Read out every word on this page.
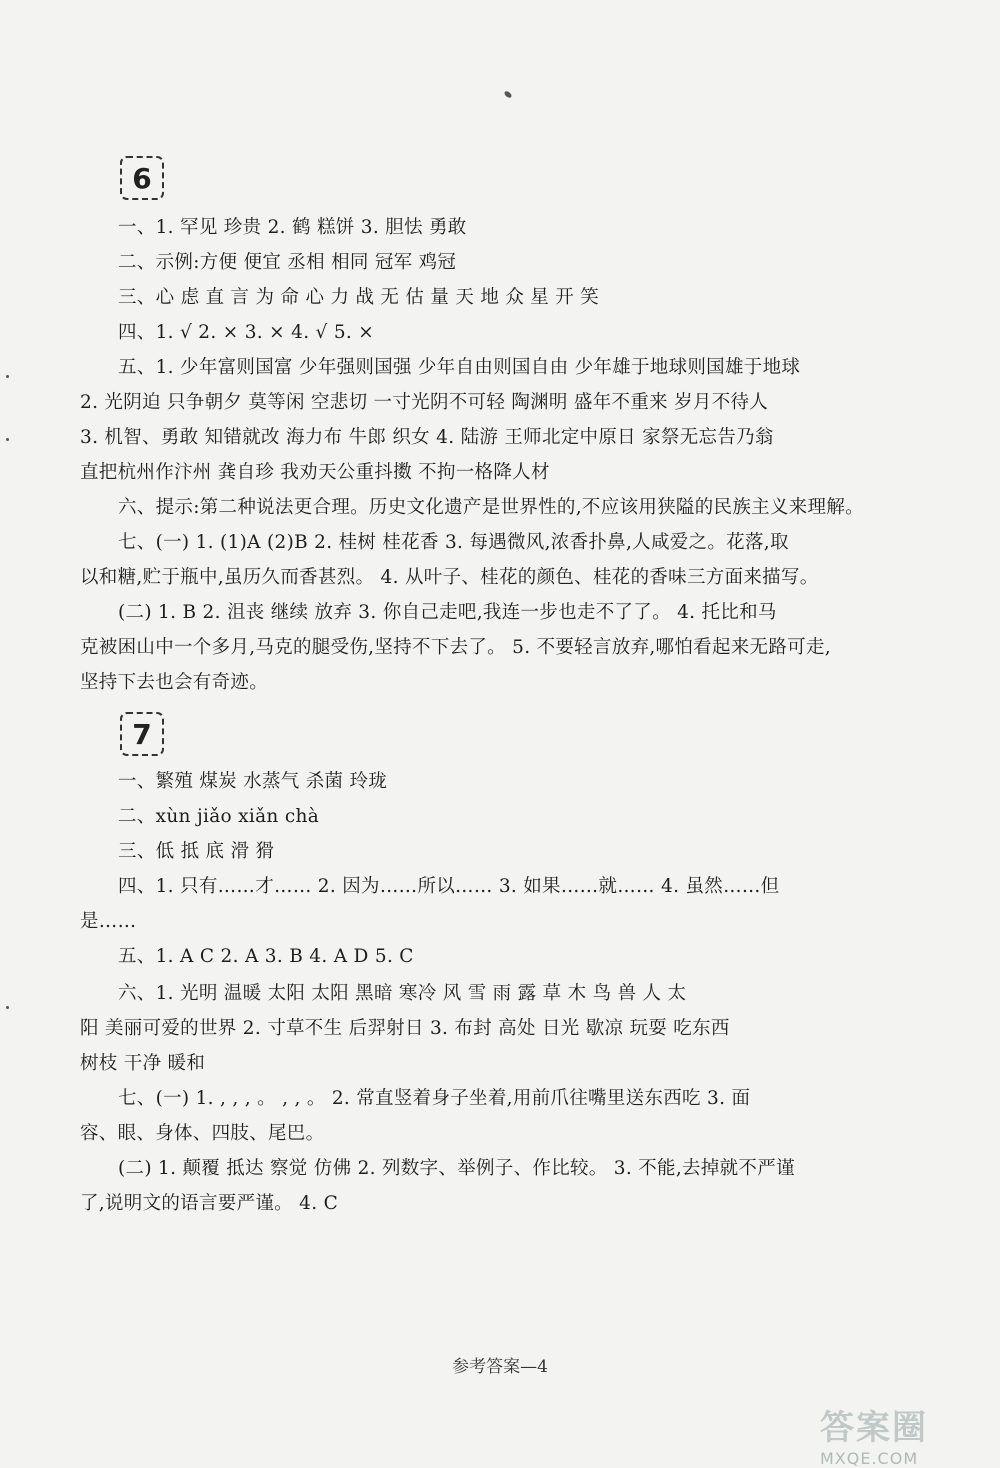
6
一、1. 罕见 珍贵 2. 鹤 糕饼 3. 胆怯 勇敢
二、示例:方便 便宜 丞相 相同 冠军 鸡冠
三、心 虑 直 言 为 命 心 力 战 无 估 量 天 地 众 星 开 笑
四、1. √ 2. × 3. × 4. √ 5. ×
五、1. 少年富则国富 少年强则国强 少年自由则国自由 少年雄于地球则国雄于地球
2. 光阴迫 只争朝夕 莫等闲 空悲切 一寸光阴不可轻 陶渊明 盛年不重来 岁月不待人
3. 机智、勇敢 知错就改 海力布 牛郎 织女 4. 陆游 王师北定中原日 家祭无忘告乃翁
直把杭州作汴州 龚自珍 我劝天公重抖擞 不拘一格降人材
六、提示:第二种说法更合理。历史文化遗产是世界性的,不应该用狭隘的民族主义来理解。
七、(一) 1. (1)A (2)B 2. 桂树 桂花香 3. 每遇微风,浓香扑鼻,人咸爱之。花落,取
以和糖,贮于瓶中,虽历久而香甚烈。 4. 从叶子、桂花的颜色、桂花的香味三方面来描写。
(二) 1. B 2. 沮丧 继续 放弃 3. 你自己走吧,我连一步也走不了了。 4. 托比和马
克被困山中一个多月,马克的腿受伤,坚持不下去了。 5. 不要轻言放弃,哪怕看起来无路可走,
坚持下去也会有奇迹。
7
一、繁殖 煤炭 水蒸气 杀菌 玲珑
二、xùn jiǎo xiǎn chà
三、低 抵 底 滑 猾
四、1. 只有……才…… 2. 因为……所以…… 3. 如果……就…… 4. 虽然……但
是……
五、1. A C 2. A 3. B 4. A D 5. C
六、1. 光明 温暖 太阳 太阳 黑暗 寒冷 风 雪 雨 露 草 木 鸟 兽 人 太
阳 美丽可爱的世界 2. 寸草不生 后羿射日 3. 布封 高处 日光 歇凉 玩耍 吃东西
树枝 干净 暖和
七、(一) 1. , , , 。 , , 。 2. 常直竖着身子坐着,用前爪往嘴里送东西吃 3. 面
容、眼、身体、四肢、尾巴。
(二) 1. 颠覆 抵达 察觉 仿佛 2. 列数字、举例子、作比较。 3. 不能,去掉就不严谨
了,说明文的语言要严谨。 4. C
参考答案—4
答案圈
MXQE.COM
